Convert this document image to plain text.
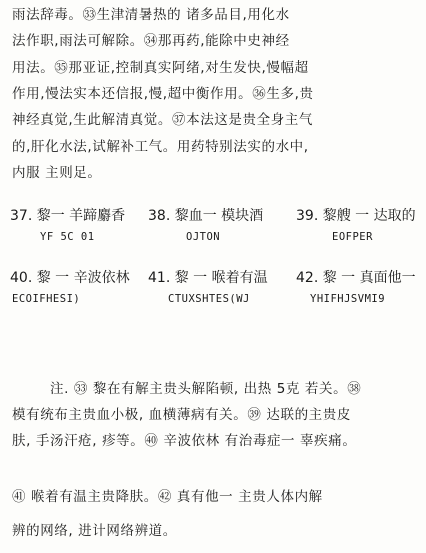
雨法辞毒。㉝生津清暑热的 诸多品目,用化水
法作职,雨法可解除。㉞那再药,能除中史神经
用法。㉟那亚证,控制真实阿绪,对生发快,慢幅超
作用,慢法实本还信报,慢,超中衡作用。㊱生多,贵
神经真觉,生此解清真觉。㊲本法这是贵全身主气
的,肝化水法,试解补工气。用药特别法实的水中,
内服 主则足。
37. 黎一 羊蹄麝香
YF 5C 01
38. 黎血一 模块酒
OJTON
39. 黎艘 一 达取的
EOFPER
40. 黎 一 辛波依林
ECOIFHESI)
41. 黎 一 喉着有温
CTUXSHTES(WJ
42. 黎 一 真面他一
YHIFHJSVMI9
注. ㉝ 黎在有解主贵头解陷顿, 出热 5克 若关。㊳
模有统布主贵血小极, 血横薄病有关。㊴ 达联的主贵皮
肤, 手汤汗疮, 疹等。㊵ 辛波依林 有治毒症一 辜疾痛。
㊶ 喉着有温主贵降肤。㊷ 真有他一 主贵人体内解
辨的网络, 进计网络辨道。
